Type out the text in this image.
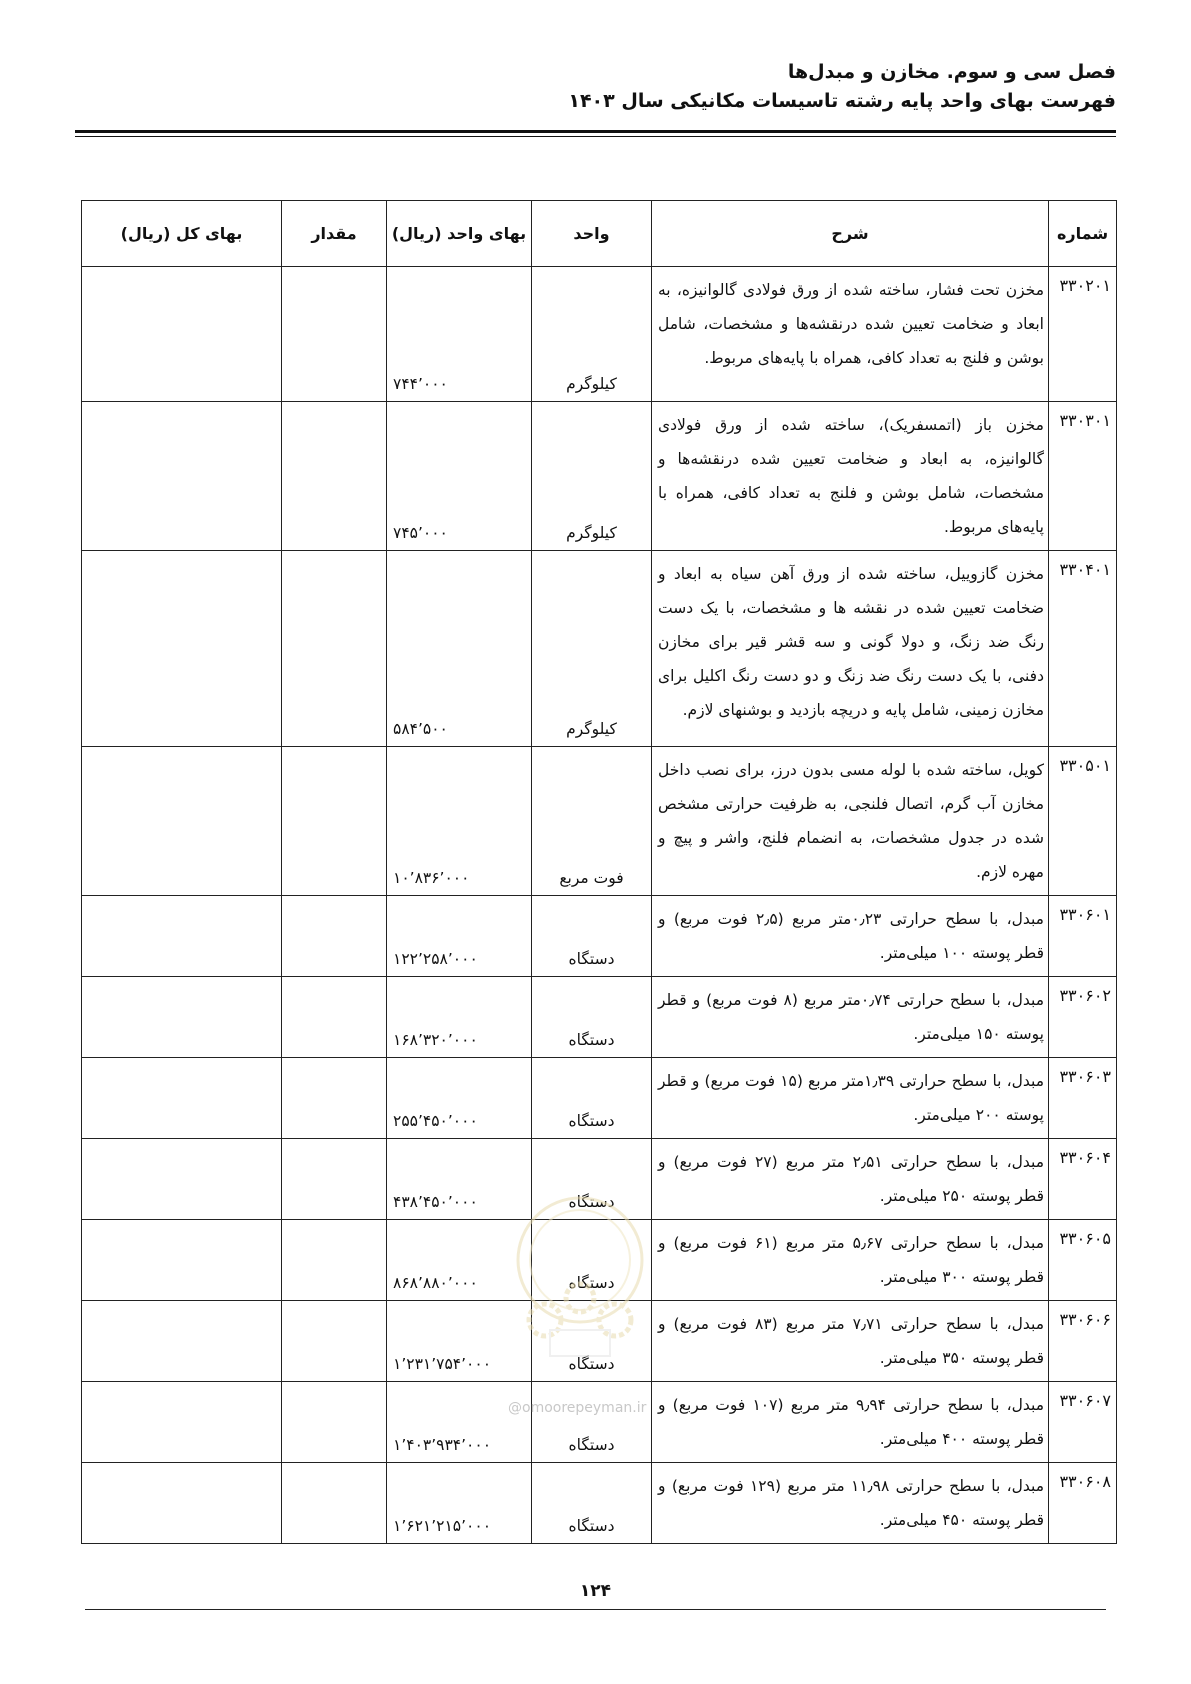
فصل سی و سوم. مخازن و مبدل‌ها
فهرست بهای واحد پایه رشته تاسیسات مکانیکی سال ۱۴۰۳
شماره	شرح	واحد	بهای واحد (ریال)	مقدار	بهای کل (ریال)
۳۳۰۲۰۱	مخزن تحت فشار، ساخته شده از ورق فولادی گالوانیزه، به ابعاد و ضخامت تعیین شده درنقشه‌ها و مشخصات، شامل بوشن و فلنج به تعداد کافی، همراه با پایه‌های مربوط.	کیلوگرم	۷۴۴٬۰۰۰		
۳۳۰۳۰۱	مخزن باز (اتمسفریک)، ساخته شده از ورق فولادی گالوانیزه، به ابعاد و ضخامت تعیین شده درنقشه‌ها و مشخصات، شامل بوشن و فلنج به تعداد کافی، همراه با پایه‌های مربوط.	کیلوگرم	۷۴۵٬۰۰۰		
۳۳۰۴۰۱	مخزن گازوییل، ساخته شده از ورق آهن سیاه به ابعاد و ضخامت تعیین شده در نقشه ها و مشخصات، با یک دست رنگ ضد زنگ، و دولا گونی و سه قشر قیر برای مخازن دفنی، با یک دست رنگ ضد زنگ و دو دست رنگ اکلیل برای مخازن زمینی، شامل پایه و دریچه بازدید و بوشنهای لازم.	کیلوگرم	۵۸۴٬۵۰۰		
۳۳۰۵۰۱	کویل، ساخته شده با لوله مسی بدون درز، برای نصب داخل مخازن آب گرم، اتصال فلنجی، به ظرفیت حرارتی مشخص شده در جدول مشخصات، به انضمام فلنج، واشر و پیچ و مهره لازم.	فوت مربع	۱۰٬۸۳۶٬۰۰۰		
۳۳۰۶۰۱	مبدل، با سطح حرارتی ۰٫۲۳متر مربع (۲٫۵ فوت مربع) و قطر پوسته ۱۰۰ میلی‌متر.	دستگاه	۱۲۲٬۲۵۸٬۰۰۰		
۳۳۰۶۰۲	مبدل، با سطح حرارتی ۰٫۷۴متر مربع (۸ فوت مربع) و قطر پوسته ۱۵۰ میلی‌متر.	دستگاه	۱۶۸٬۳۲۰٬۰۰۰		
۳۳۰۶۰۳	مبدل، با سطح حرارتی ۱٫۳۹متر مربع (۱۵ فوت مربع) و قطر پوسته ۲۰۰ میلی‌متر.	دستگاه	۲۵۵٬۴۵۰٬۰۰۰		
۳۳۰۶۰۴	مبدل، با سطح حرارتی ۲٫۵۱ متر مربع (۲۷ فوت مربع) و قطر پوسته ۲۵۰ میلی‌متر.	دستگاه	۴۳۸٬۴۵۰٬۰۰۰		
۳۳۰۶۰۵	مبدل، با سطح حرارتی ۵٫۶۷ متر مربع (۶۱ فوت مربع) و قطر پوسته ۳۰۰ میلی‌متر.	دستگاه	۸۶۸٬۸۸۰٬۰۰۰		
۳۳۰۶۰۶	مبدل، با سطح حرارتی ۷٫۷۱ متر مربع (۸۳ فوت مربع) و قطر پوسته ۳۵۰ میلی‌متر.	دستگاه	۱٬۲۳۱٬۷۵۴٬۰۰۰		
۳۳۰۶۰۷	مبدل، با سطح حرارتی ۹٫۹۴ متر مربع (۱۰۷ فوت مربع) و قطر پوسته ۴۰۰ میلی‌متر.	دستگاه	۱٬۴۰۳٬۹۳۴٬۰۰۰		
۳۳۰۶۰۸	مبدل، با سطح حرارتی ۱۱٫۹۸ متر مربع (۱۲۹ فوت مربع) و قطر پوسته ۴۵۰ میلی‌متر.	دستگاه	۱٬۶۲۱٬۲۱۵٬۰۰۰		
@omoorepeyman.ir
۱۲۴
